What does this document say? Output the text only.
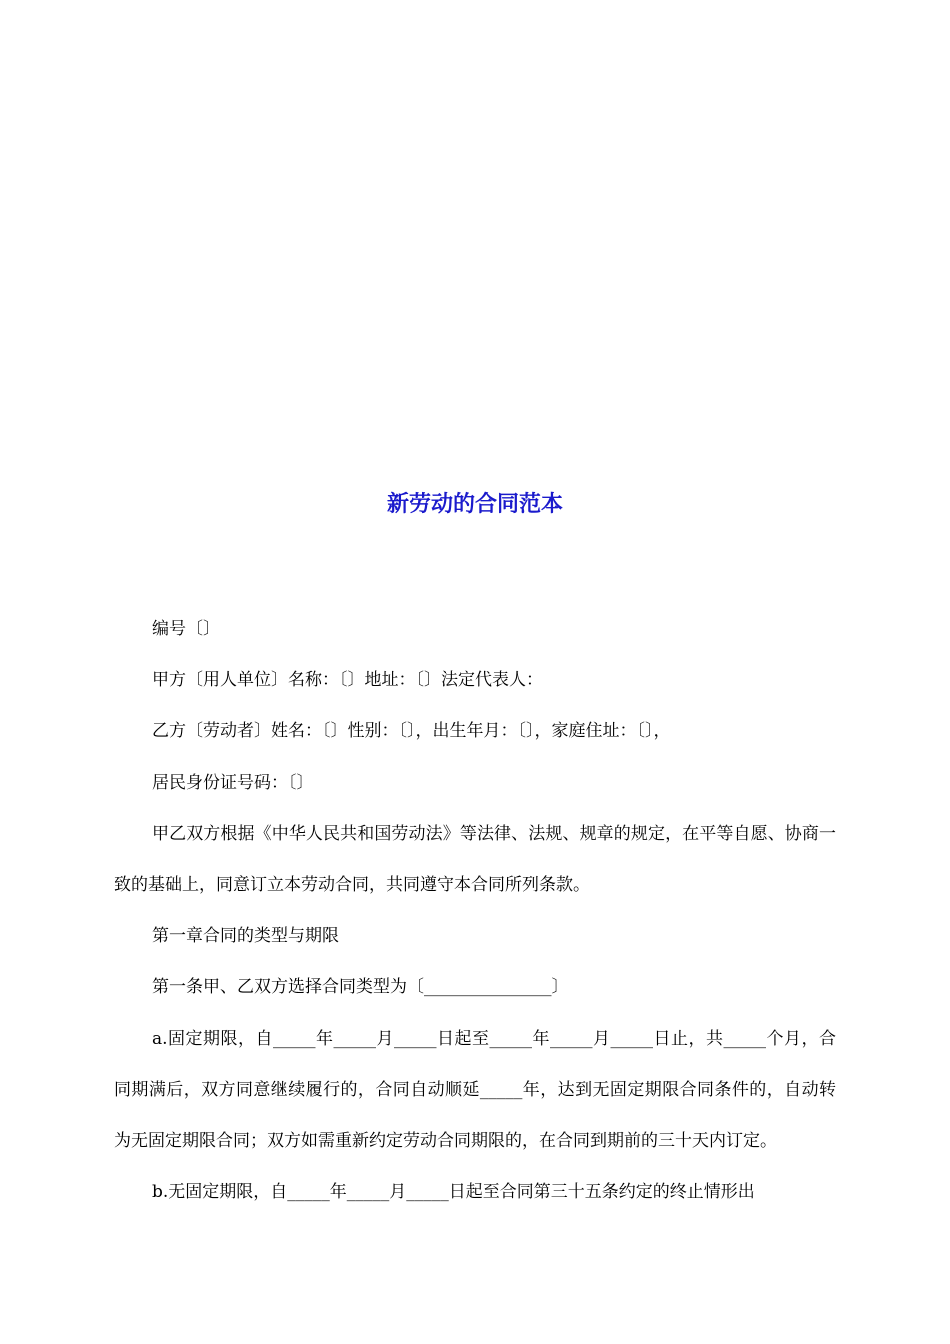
新劳动的合同范本

编号〔〕

甲方〔用人单位〕名称：〔〕地址：〔〕法定代表人：

乙方〔劳动者〕姓名：〔〕性别：〔〕，出生年月：〔〕，家庭住址：〔〕，

居民身份证号码：〔〕

甲乙双方根据《中华人民共和国劳动法》等法律、法规、规章的规定，在平等自愿、协商一致的基础上，同意订立本劳动合同，共同遵守本合同所列条款。

第一章合同的类型与期限

第一条甲、乙双方选择合同类型为〔_______________〕

a.固定期限，自_____年_____月_____日起至_____年_____月_____日止，共_____个月，合同期满后，双方同意继续履行的，合同自动顺延_____年，达到无固定期限合同条件的，自动转为无固定期限合同；双方如需重新约定劳动合同期限的，在合同到期前的三十天内订定。

b.无固定期限，自_____年_____月_____日起至合同第三十五条约定的终止情形出
